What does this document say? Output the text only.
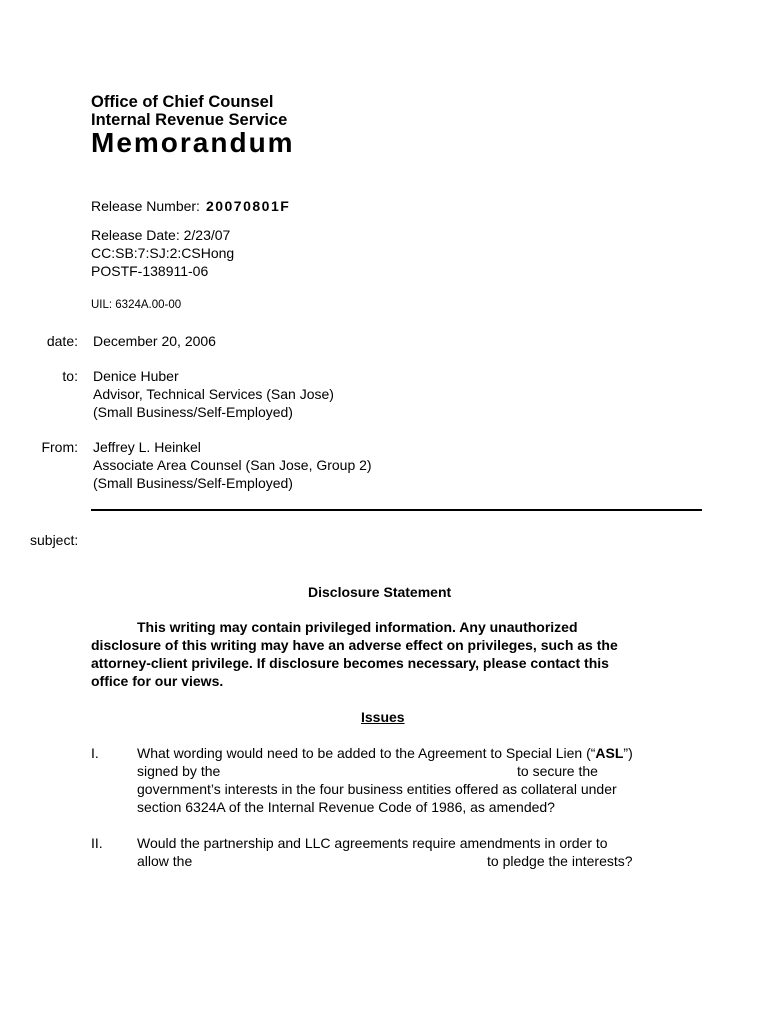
Office of Chief Counsel
Internal Revenue Service
Memorandum
Release Number: 20070801F
Release Date: 2/23/07
CC:SB:7:SJ:2:CSHong
POSTF-138911-06
UIL: 6324A.00-00
date: December 20, 2006
to: Denice Huber
Advisor, Technical Services (San Jose)
(Small Business/Self-Employed)
From: Jeffrey L. Heinkel
Associate Area Counsel (San Jose, Group 2)
(Small Business/Self-Employed)
subject:
Disclosure Statement
This writing may contain privileged information. Any unauthorized
disclosure of this writing may have an adverse effect on privileges, such as the
attorney-client privilege. If disclosure becomes necessary, please contact this
office for our views.
Issues
I.	What wording would need to be added to the Agreement to Special Lien (“ASL”)
signed by the	to secure the
government’s interests in the four business entities offered as collateral under
section 6324A of the Internal Revenue Code of 1986, as amended?
II. Would the partnership and LLC agreements require amendments in order to
allow the	to pledge the interests?
